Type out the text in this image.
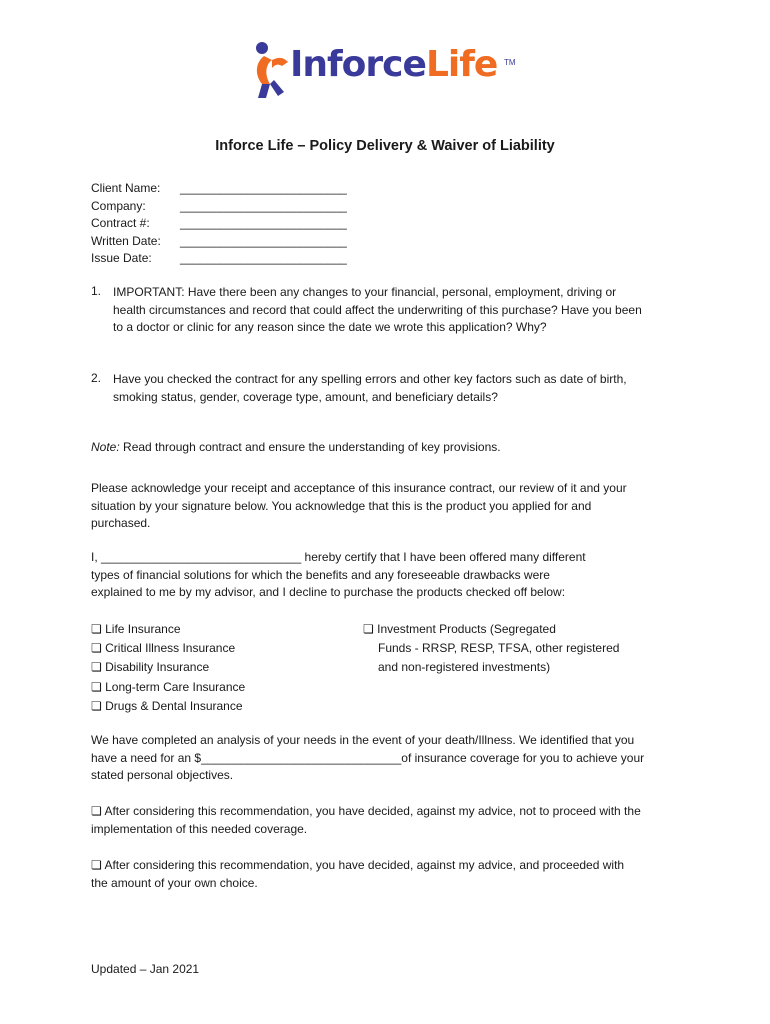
InforceLife TM
Inforce Life – Policy Delivery & Waiver of Liability
Client Name:
Company:
Contract #:
Written Date:
Issue Date:
_________________________
_________________________
_________________________
_________________________
_________________________
1. IMPORTANT: Have there been any changes to your financial, personal, employment, driving or
health circumstances and record that could affect the underwriting of this purchase? Have you been
to a doctor or clinic for any reason since the date we wrote this application? Why?
2. Have you checked the contract for any spelling errors and other key factors such as date of birth,
smoking status, gender, coverage type, amount, and beneficiary details?
Note: Read through contract and ensure the understanding of key provisions.
Please acknowledge your receipt and acceptance of this insurance contract, our review of it and your
situation by your signature below. You acknowledge that this is the product you applied for and
purchased.
I, ______________________________ hereby certify that I have been offered many different
types of financial solutions for which the benefits and any foreseeable drawbacks were
explained to me by my advisor, and I decline to purchase the products checked off below:
❏ Life Insurance
❏ Critical Illness Insurance
❏ Disability Insurance
❏ Long-term Care Insurance
❏ Drugs & Dental Insurance
❏ Investment Products (Segregated
Funds - RRSP, RESP, TFSA, other registered
and non-registered investments)
We have completed an analysis of your needs in the event of your death/Illness. We identified that you
have a need for an $______________________________of insurance coverage for you to achieve your
stated personal objectives.
❏ After considering this recommendation, you have decided, against my advice, not to proceed with the
implementation of this needed coverage.
❏ After considering this recommendation, you have decided, against my advice, and proceeded with
the amount of your own choice.
Updated – Jan 2021
